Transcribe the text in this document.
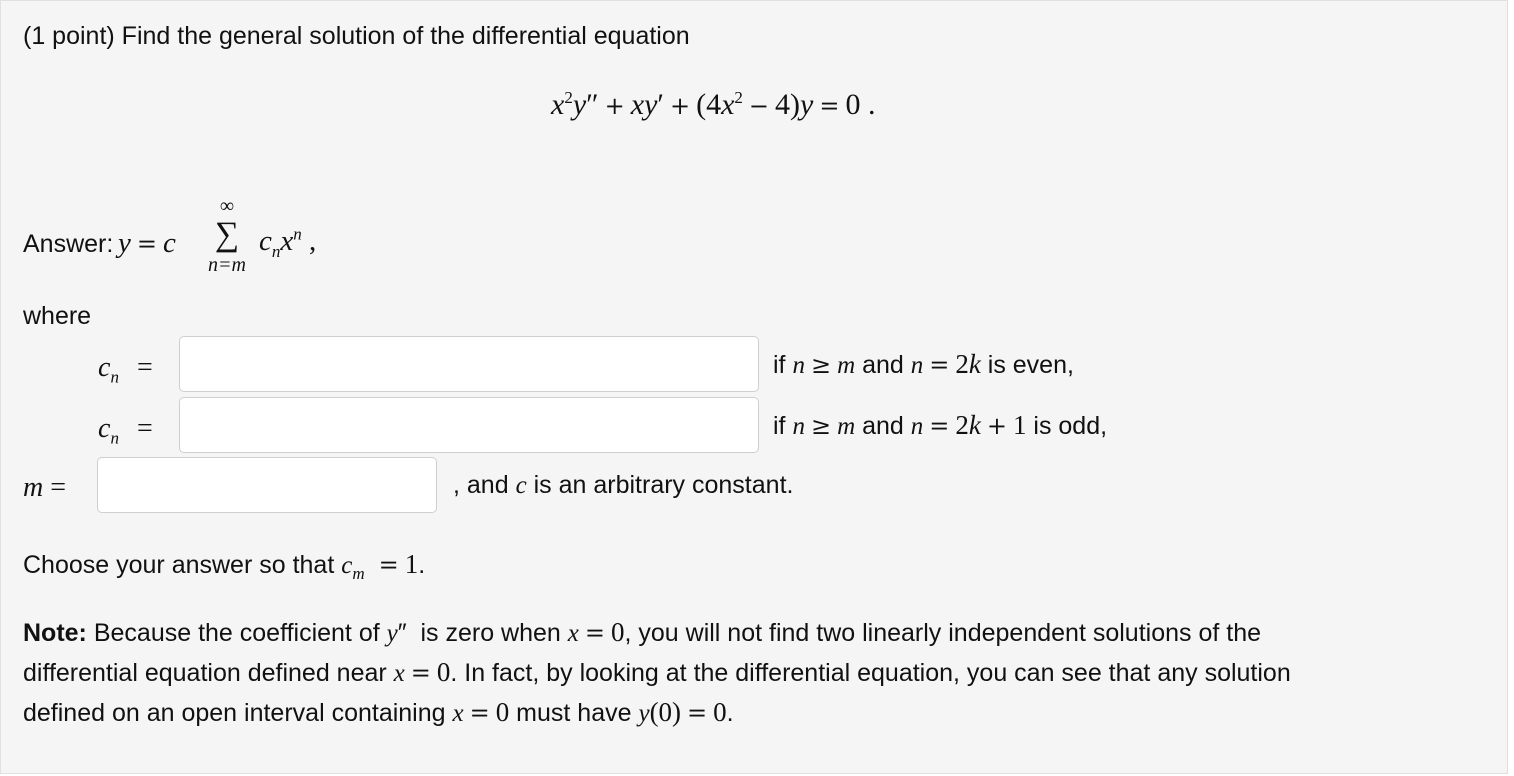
(1 point) Find the general solution of the differential equation
$x^2y'' + xy' + (4x^2 - 4)y = 0$ .
Answer: y = c
∞
∑
n=m
$c_nx^n$ ,
where
$c_n$ =	if n ≥ m and n = 2k is even,
$c_n$ =	if n ≥ m and n = 2k + 1 is odd,
m =	, and c is an arbitrary constant.
Choose your answer so that $c_m = 1$.
Note: Because the coefficient of y″  is zero when x = 0, you will not find two linearly independent solutions of the
differential equation defined near x = 0. In fact, by looking at the differential equation, you can see that any solution
defined on an open interval containing x = 0 must have y(0) = 0.
